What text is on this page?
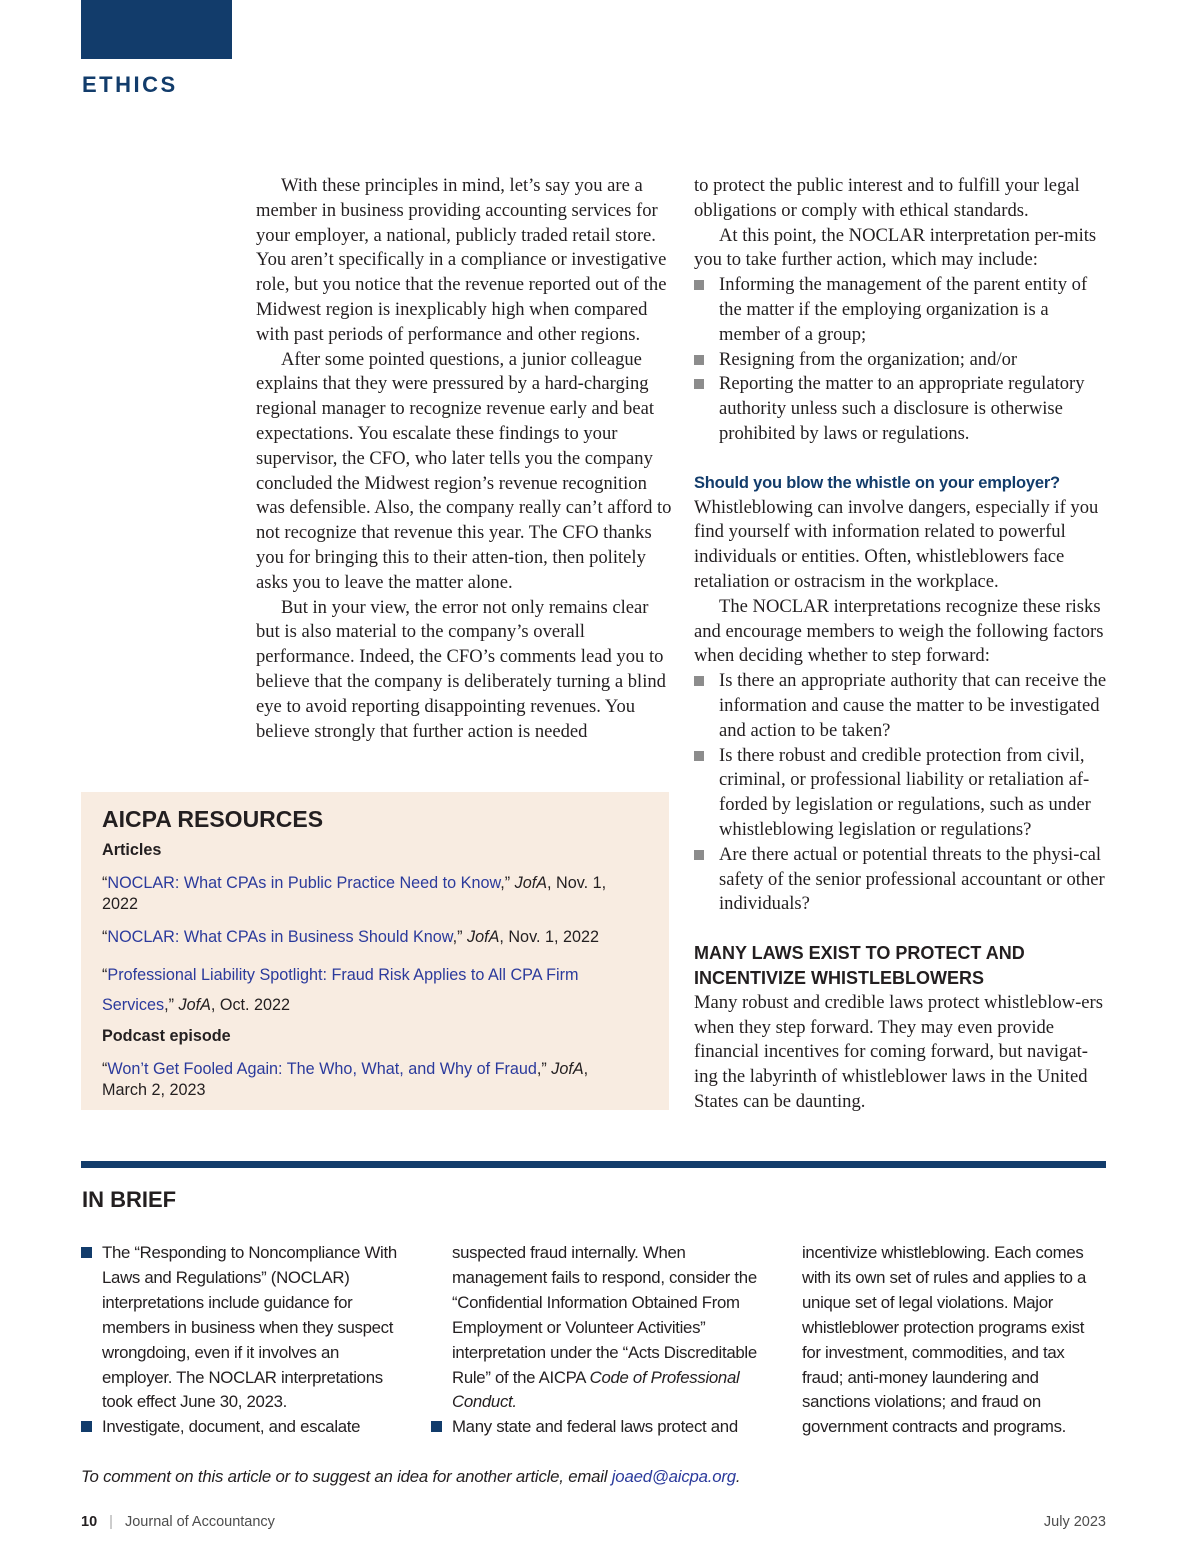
ETHICS

With these principles in mind, let’s say you are a member in business providing accounting services for your employer, a national, publicly traded retail store. You aren’t specifically in a compliance or investigative role, but you notice that the revenue reported out of the Midwest region is inexplicably high when compared with past periods of performance and other regions.

After some pointed questions, a junior colleague explains that they were pressured by a hard-charging regional manager to recognize revenue early and beat expectations. You escalate these findings to your supervisor, the CFO, who later tells you the company concluded the Midwest region’s revenue recognition was defensible. Also, the company really can’t afford to not recognize that revenue this year. The CFO thanks you for bringing this to their atten-tion, then politely asks you to leave the matter alone.

But in your view, the error not only remains clear but is also material to the company’s overall performance. Indeed, the CFO’s comments lead you to believe that the company is deliberately turning a blind eye to avoid reporting disappointing revenues. You believe strongly that further action is needed

to protect the public interest and to fulfill your legal obligations or comply with ethical standards.

At this point, the NOCLAR interpretation per-mits you to take further action, which may include:

Informing the management of the parent entity of the matter if the employing organization is a member of a group;
Resigning from the organization; and/or
Reporting the matter to an appropriate regulatory authority unless such a disclosure is otherwise prohibited by laws or regulations.
Should you blow the whistle on your employer?

Whistleblowing can involve dangers, especially if you find yourself with information related to powerful individuals or entities. Often, whistleblowers face retaliation or ostracism in the workplace.

The NOCLAR interpretations recognize these risks and encourage members to weigh the following factors when deciding whether to step forward:

Is there an appropriate authority that can receive the information and cause the matter to be investigated and action to be taken?
Is there robust and credible protection from civil, criminal, or professional liability or retaliation af-forded by legislation or regulations, such as under whistleblowing legislation or regulations?
Are there actual or potential threats to the physi-cal safety of the senior professional accountant or other individuals?
MANY LAWS EXIST TO PROTECT AND INCENTIVIZE WHISTLEBLOWERS

Many robust and credible laws protect whistleblow-ers when they step forward. They may even provide financial incentives for coming forward, but navigat-ing the labyrinth of whistleblower laws in the United States can be daunting.

AICPA RESOURCES
Articles
“NOCLAR: What CPAs in Public Practice Need to Know,” JofA, Nov. 1, 2022
“NOCLAR: What CPAs in Business Should Know,” JofA, Nov. 1, 2022
“Professional Liability Spotlight: Fraud Risk Applies to All CPA Firm Services,” JofA, Oct. 2022
Podcast episode
“Won’t Get Fooled Again: The Who, What, and Why of Fraud,” JofA, March 2, 2023
IN BRIEF
The “Responding to Noncompliance With Laws and Regulations” (NOCLAR) interpretations include guidance for members in business when they suspect wrongdoing, even if it involves an employer. The NOCLAR interpretations took effect June 30, 2023.
Investigate, document, and escalate
suspected fraud internally. When management fails to respond, consider the “Confidential Information Obtained From Employment or Volunteer Activities” interpretation under the “Acts Discreditable Rule” of the AICPA Code of Professional Conduct.
Many state and federal laws protect and
incentivize whistleblowing. Each comes with its own set of rules and applies to a unique set of legal violations. Major whistleblower protection programs exist for investment, commodities, and tax fraud; anti-money laundering and sanctions violations; and fraud on government contracts and programs.
To comment on this article or to suggest an idea for another article, email joaed@aicpa.org.
10 | Journal of Accountancy	July 2023
